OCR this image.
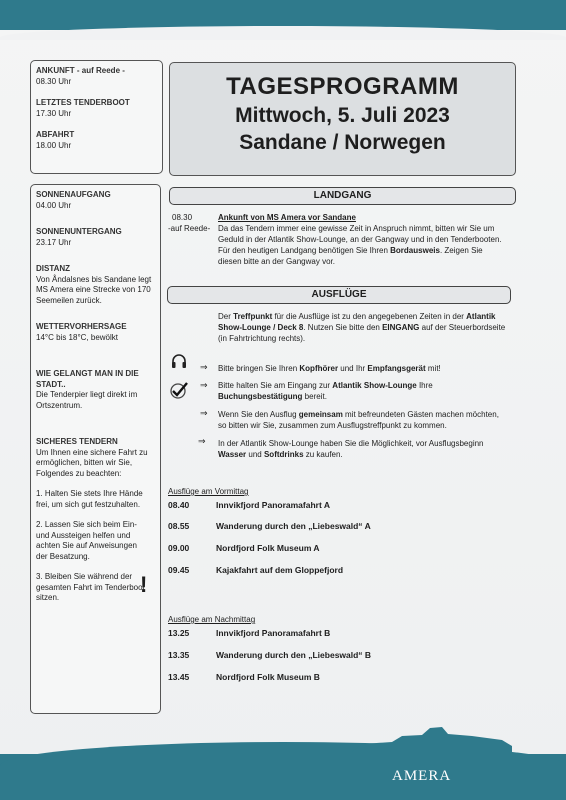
ANKUNFT - auf Reede -
08.30 Uhr
LETZTES TENDERBOOT
17.30 Uhr
ABFAHRT
18.00 Uhr
TAGESPROGRAMM
Mittwoch, 5. Juli 2023
Sandane / Norwegen
SONNENAUFGANG
04.00 Uhr
SONNENUNTERGANG
23.17 Uhr
DISTANZ
Von Åndalsnes bis Sandane legt MS Amera eine Strecke von 170 Seemeilen zurück.
WETTERVORHERSAGE
14°C bis 18°C, bewölkt
WIE GELANGT MAN IN DIE STADT..
Die Tenderpier liegt direkt im Ortszentrum.
SICHERES TENDERN
Um Ihnen eine sichere Fahrt zu ermöglichen, bitten wir Sie, Folgendes zu beachten:
1. Halten Sie stets Ihre Hände frei, um sich gut festzuhalten.
2. Lassen Sie sich beim Ein- und Aussteigen helfen und achten Sie auf Anweisungen der Besatzung.
3. Bleiben Sie während der gesamten Fahrt im Tenderboot sitzen.
!
LANDGANG
08.30
-auf Reede-
Ankunft von MS Amera vor Sandane
Da das Tendern immer eine gewisse Zeit in Anspruch nimmt, bitten wir Sie um Geduld in der Atlantik Show-Lounge, an der Gangway und in den Tenderbooten. Für den heutigen Landgang benötigen Sie Ihren Bordausweis. Zeigen Sie diesen bitte an der Gangway vor.
AUSFLÜGE
Der Treffpunkt für die Ausflüge ist zu den angegebenen Zeiten in der Atlantik Show-Lounge / Deck 8. Nutzen Sie bitte den EINGANG auf der Steuerbordseite (in Fahrtrichtung rechts).
⇒ Bitte bringen Sie Ihren Kopfhörer und Ihr Empfangsgerät mit!
⇒ Bitte halten Sie am Eingang zur Atlantik Show-Lounge Ihre Buchungsbestätigung bereit.
⇒ Wenn Sie den Ausflug gemeinsam mit befreundeten Gästen machen möchten, so bitten wir Sie, zusammen zum Ausflugstreffpunkt zu kommen.
⇒ In der Atlantik Show-Lounge haben Sie die Möglichkeit, vor Ausflugsbeginn Wasser und Softdrinks zu kaufen.
Ausflüge am Vormittag
08.40	Innvikfjord Panoramafahrt A
08.55	Wanderung durch den „Liebeswald“ A
09.00	Nordfjord Folk Museum A
09.45	Kajakfahrt auf dem Gloppefjord
Ausflüge am Nachmittag
13.25	Innvikfjord Panoramafahrt B
13.35	Wanderung durch den „Liebeswald“ B
13.45	Nordfjord Folk Museum B
AMERA
